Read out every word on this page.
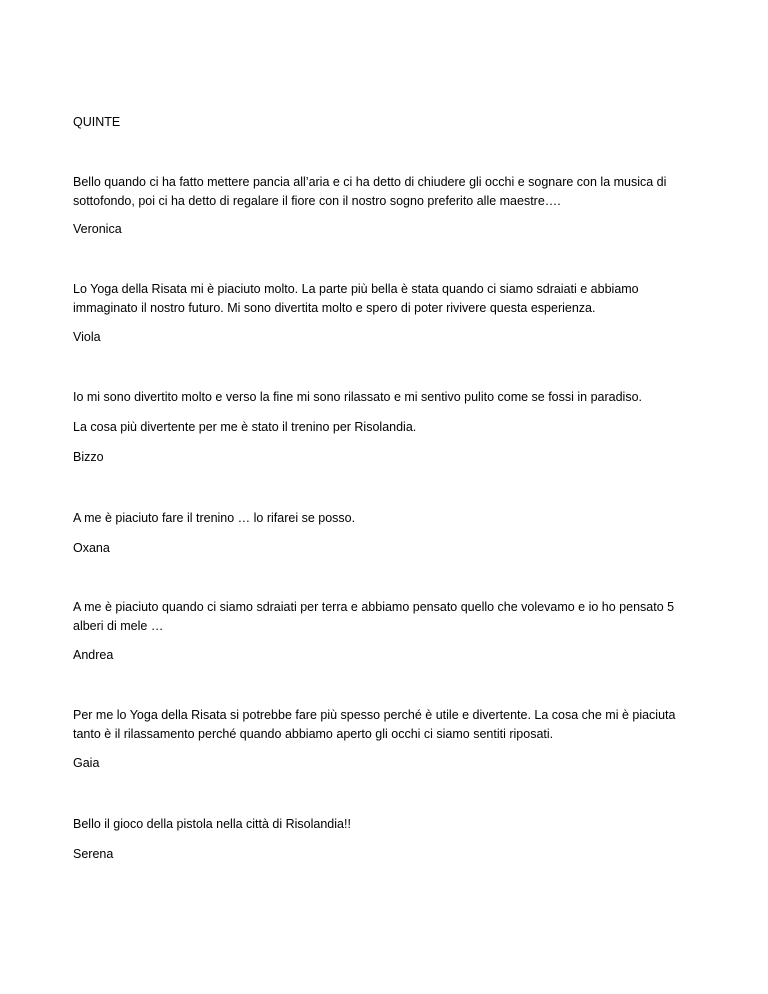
QUINTE

Bello quando ci ha fatto mettere pancia all’aria e ci ha detto di chiudere gli occhi e sognare con la musica di sottofondo, poi ci ha detto di regalare il fiore con il nostro sogno preferito alle maestre….

Veronica

Lo Yoga della Risata mi è piaciuto molto. La parte più bella è stata quando ci siamo sdraiati e abbiamo immaginato il nostro futuro. Mi sono divertita molto e spero di poter rivivere questa esperienza.

Viola

Io mi sono divertito molto e verso la fine mi sono rilassato e mi sentivo pulito come se fossi in paradiso.

La cosa più divertente per me è stato il trenino per Risolandia.

Bizzo

A me è piaciuto fare il trenino … lo rifarei se posso.

Oxana

A me è piaciuto quando ci siamo sdraiati per terra e abbiamo pensato quello che volevamo e io ho pensato 5 alberi di mele …

Andrea

Per me lo Yoga della Risata si potrebbe fare più spesso perché è utile e divertente. La cosa che mi è piaciuta tanto è il rilassamento perché quando abbiamo aperto gli occhi ci siamo sentiti riposati.

Gaia

Bello il gioco della pistola nella città di Risolandia!!

Serena
